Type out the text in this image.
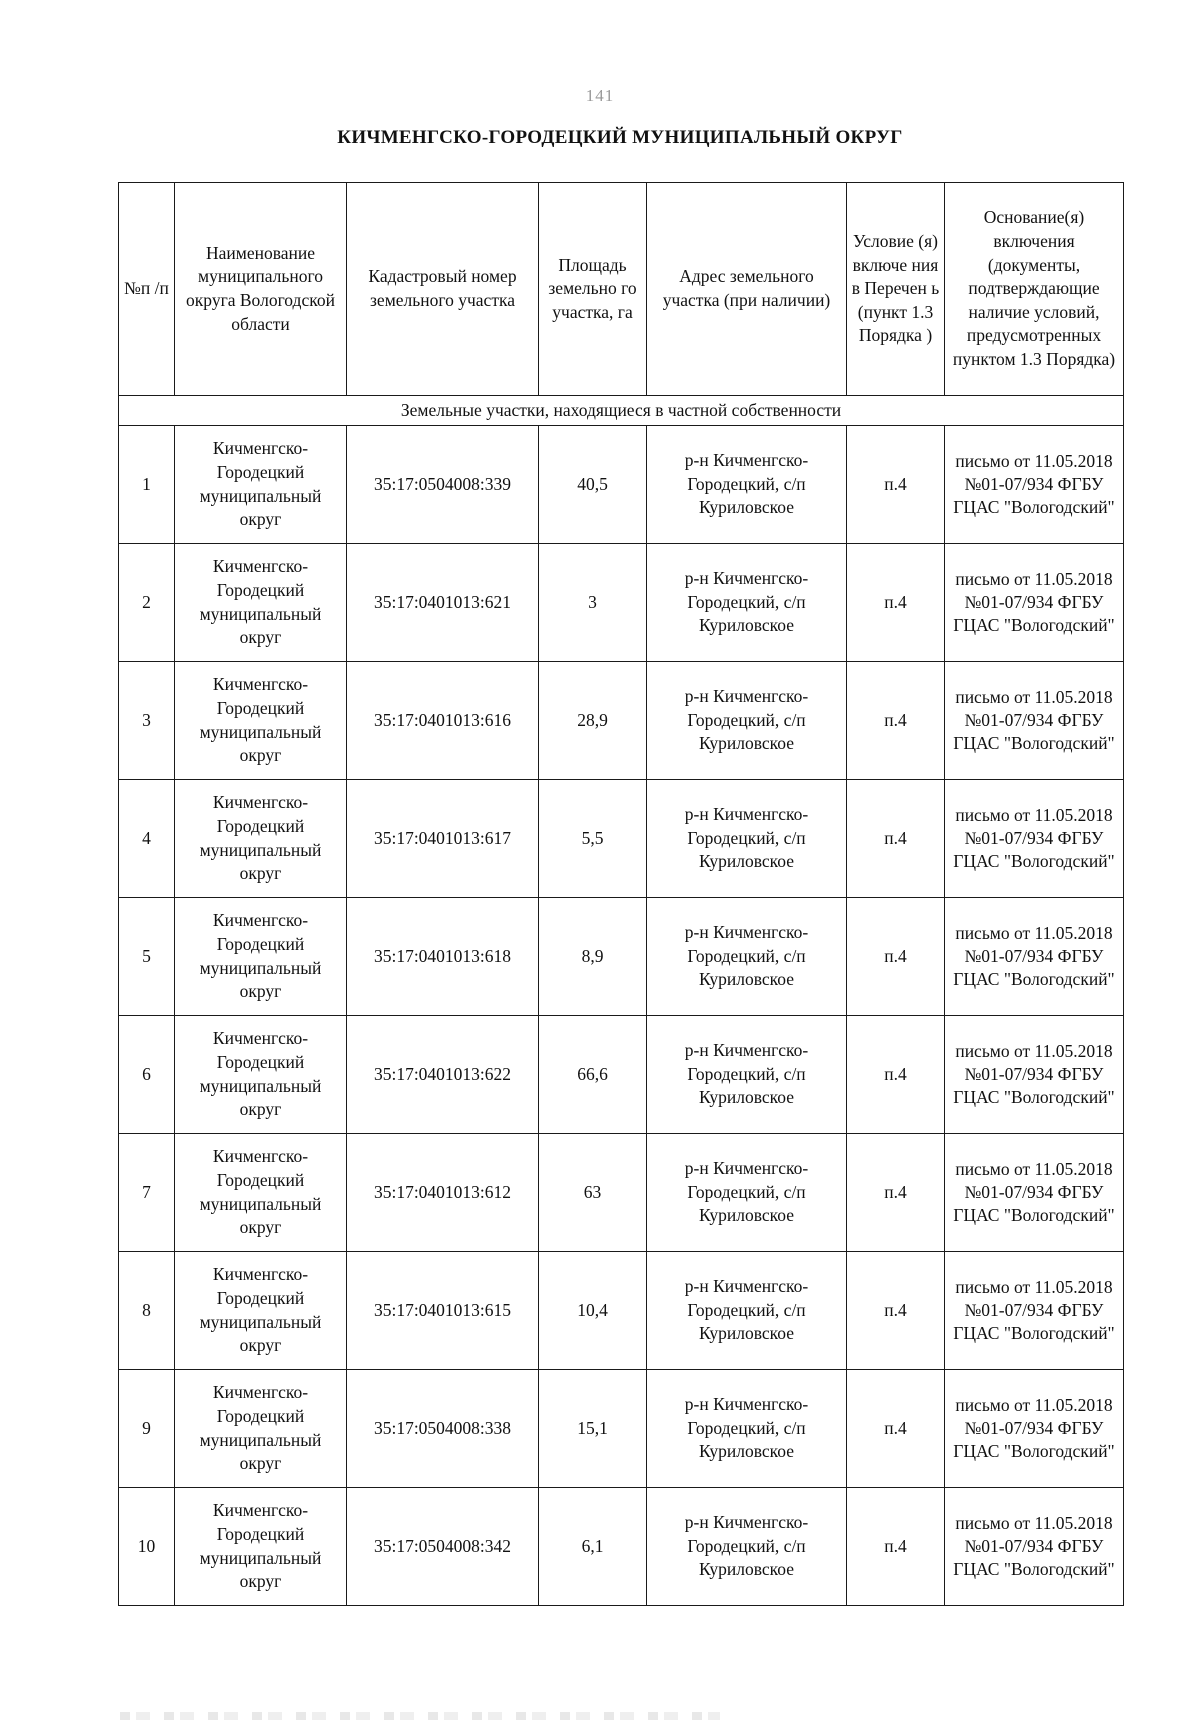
141
КИЧМЕНГСКО-ГОРОДЕЦКИЙ МУНИЦИПАЛЬНЫЙ ОКРУГ
№п /п	Наименование муниципального округа Вологодской области	Кадастровый номер земельного участка	Площадь земельно го участка, га	Адрес земельного участка (при наличии)	Условие (я) включе ния в Перечен ь (пункт 1.3 Порядка )	Основание(я) включения (документы, подтверждающие наличие условий, предусмотренных пунктом 1.3 Порядка)
Земельные участки, находящиеся в частной собственности						
1	Кичменгско-Городецкий муниципальный округ	35:17:0504008:339	40,5	р-н Кичменгско-Городецкий, с/п Куриловское	п.4	письмо от 11.05.2018 №01-07/934 ФГБУ ГЦАС "Вологодский"
2	Кичменгско-Городецкий муниципальный округ	35:17:0401013:621	3	р-н Кичменгско-Городецкий, с/п Куриловское	п.4	письмо от 11.05.2018 №01-07/934 ФГБУ ГЦАС "Вологодский"
3	Кичменгско-Городецкий муниципальный округ	35:17:0401013:616	28,9	р-н Кичменгско-Городецкий, с/п Куриловское	п.4	письмо от 11.05.2018 №01-07/934 ФГБУ ГЦАС "Вологодский"
4	Кичменгско-Городецкий муниципальный округ	35:17:0401013:617	5,5	р-н Кичменгско-Городецкий, с/п Куриловское	п.4	письмо от 11.05.2018 №01-07/934 ФГБУ ГЦАС "Вологодский"
5	Кичменгско-Городецкий муниципальный округ	35:17:0401013:618	8,9	р-н Кичменгско-Городецкий, с/п Куриловское	п.4	письмо от 11.05.2018 №01-07/934 ФГБУ ГЦАС "Вологодский"
6	Кичменгско-Городецкий муниципальный округ	35:17:0401013:622	66,6	р-н Кичменгско-Городецкий, с/п Куриловское	п.4	письмо от 11.05.2018 №01-07/934 ФГБУ ГЦАС "Вологодский"
7	Кичменгско-Городецкий муниципальный округ	35:17:0401013:612	63	р-н Кичменгско-Городецкий, с/п Куриловское	п.4	письмо от 11.05.2018 №01-07/934 ФГБУ ГЦАС "Вологодский"
8	Кичменгско-Городецкий муниципальный округ	35:17:0401013:615	10,4	р-н Кичменгско-Городецкий, с/п Куриловское	п.4	письмо от 11.05.2018 №01-07/934 ФГБУ ГЦАС "Вологодский"
9	Кичменгско-Городецкий муниципальный округ	35:17:0504008:338	15,1	р-н Кичменгско-Городецкий, с/п Куриловское	п.4	письмо от 11.05.2018 №01-07/934 ФГБУ ГЦАС "Вологодский"
10	Кичменгско-Городецкий муниципальный округ	35:17:0504008:342	6,1	р-н Кичменгско-Городецкий, с/п Куриловское	п.4	письмо от 11.05.2018 №01-07/934 ФГБУ ГЦАС "Вологодский"
